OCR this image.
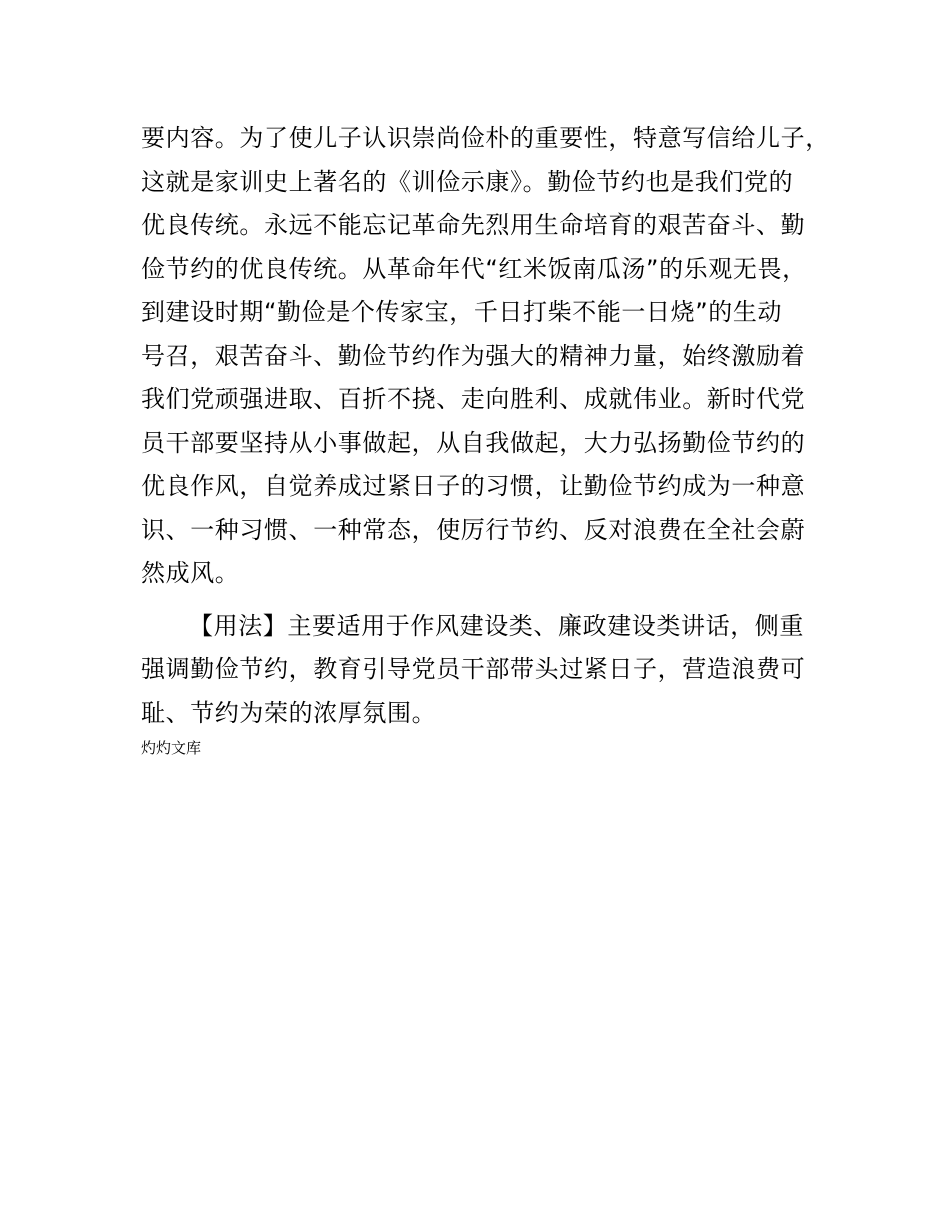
要内容。为了使儿子认识崇尚俭朴的重要性，特意写信给儿子，
这就是家训史上著名的《训俭示康》。勤俭节约也是我们党的
优良传统。永远不能忘记革命先烈用生命培育的艰苦奋斗、勤
俭节约的优良传统。从革命年代“红米饭南瓜汤”的乐观无畏，
到建设时期“勤俭是个传家宝，千日打柴不能一日烧”的生动
号召，艰苦奋斗、勤俭节约作为强大的精神力量，始终激励着
我们党顽强进取、百折不挠、走向胜利、成就伟业。新时代党
员干部要坚持从小事做起，从自我做起，大力弘扬勤俭节约的
优良作风，自觉养成过紧日子的习惯，让勤俭节约成为一种意
识、一种习惯、一种常态，使厉行节约、反对浪费在全社会蔚
然成风。
【用法】主要适用于作风建设类、廉政建设类讲话，侧重
强调勤俭节约，教育引导党员干部带头过紧日子，营造浪费可
耻、节约为荣的浓厚氛围。
灼灼文库
